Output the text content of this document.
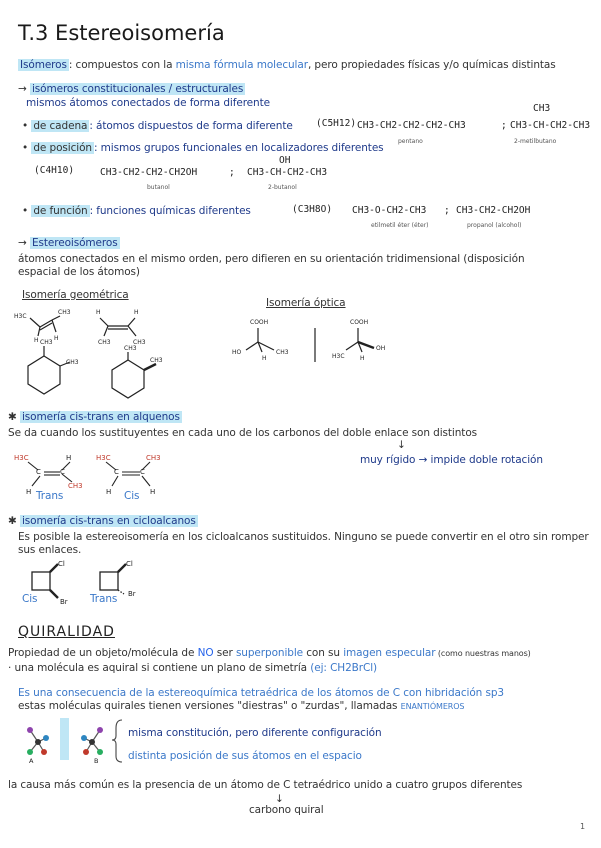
T.3 Estereoisomería
Isómeros : compuestos con la misma fórmula molecular, pero propiedades físicas y/o químicas distintas
→ isómeros constitucionales / estructurales
mismos átomos conectados de forma diferente
• de cadena : átomos dispuestos de forma diferente (C5H12) CH3-CH2-CH2-CH2-CH3	; CH3-CH-CH2-CH3
CH3
pentano	2-metilbutano
• de posición : mismos grupos funcionales en localizadores diferentes
(C4H10)	CH3-CH2-CH2-CH2OH	; CH3-CH-CH2-CH3
OH
butanol	2-butanol
• de función : funciones químicas diferentes	(C3H8O) CH3-O-CH2-CH3 ; CH3-CH2-CH2OH
etilmetil éter (éter)	propanol (alcohol)
→ Estereoisómeros
átomos conectados en el mismo orden, pero difieren en su orientación tridimensional (disposición
espacial de los átomos)
Isomería geométrica
Isomería óptica
H3C
CH3
H	H
H	H
CH3	CH3
CH3
CH3
CH3
CH3
COOH
HO	CH3
H
COOH
OH
H3C	H
✱ isomería cis-trans en alquenos
Se da cuando los sustituyentes en cada uno de los carbonos del doble enlace son distintos
↓
muy rígido → impide doble rotación
Trans	Cis
H3C
C	C
H
CH3
H
H3C
C	C
CH3
H	H
✱ isomería cis-trans en cicloalcanos
Es posible la estereoisomería en los cicloalcanos sustituidos. Ninguno se puede convertir en el otro sin romper
sus enlaces.
Cis	Trans
Cl
Br
Cl
Br
QUIRALIDAD
Propiedad de un objeto/molécula de NO ser superponible con su imagen especular (como nuestras manos)
· una molécula es aquiral si contiene un plano de simetría (ej: CH2BrCl)
Es una consecuencia de la estereoquímica tetraédrica de los átomos de C con hibridación sp3
estas moléculas quirales tienen versiones "diestras" o "zurdas", llamadas ENANTIÓMEROS
A	B
misma constitución, pero diferente configuración
distinta posición de sus átomos en el espacio
la causa más común es la presencia de un átomo de C tetraédrico unido a cuatro grupos diferentes
↓
carbono quiral
1
